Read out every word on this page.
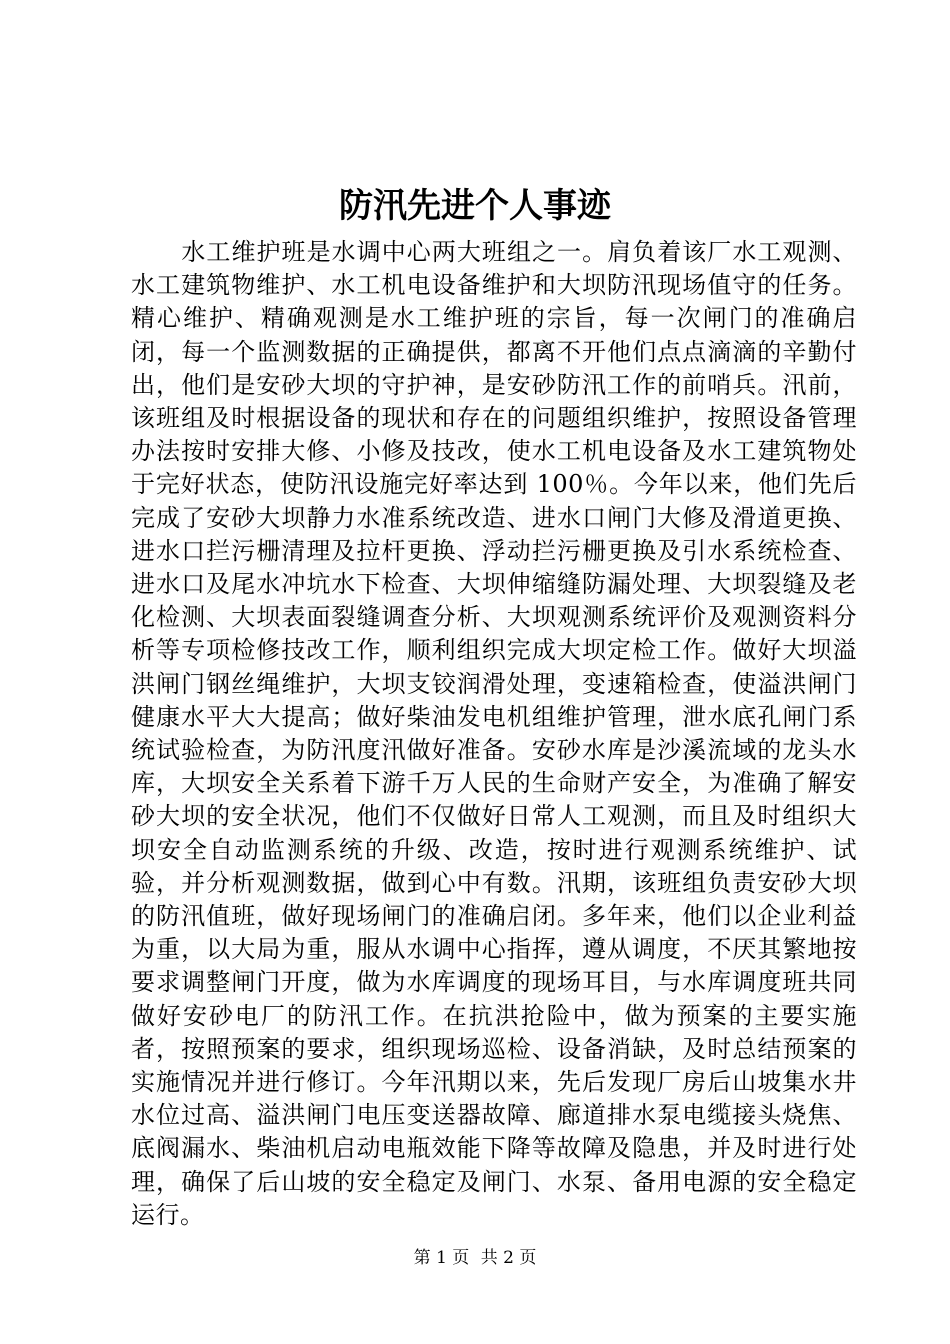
防汛先进个人事迹

水工维护班是水调中心两大班组之一。肩负着该厂水工观测、水工建筑物维护、水工机电设备维护和大坝防汛现场值守的任务。精心维护、精确观测是水工维护班的宗旨，每一次闸门的准确启闭，每一个监测数据的正确提供，都离不开他们点点滴滴的辛勤付出，他们是安砂大坝的守护神，是安砂防汛工作的前哨兵。汛前，该班组及时根据设备的现状和存在的问题组织维护，按照设备管理办法按时安排大修、小修及技改，使水工机电设备及水工建筑物处于完好状态，使防汛设施完好率达到 100％。今年以来，他们先后完成了安砂大坝静力水准系统改造、进水口闸门大修及滑道更换、进水口拦污栅清理及拉杆更换、浮动拦污栅更换及引水系统检查、进水口及尾水冲坑水下检查、大坝伸缩缝防漏处理、大坝裂缝及老化检测、大坝表面裂缝调查分析、大坝观测系统评价及观测资料分析等专项检修技改工作，顺利组织完成大坝定检工作。做好大坝溢洪闸门钢丝绳维护，大坝支铰润滑处理，变速箱检查，使溢洪闸门健康水平大大提高；做好柴油发电机组维护管理，泄水底孔闸门系统试验检查，为防汛度汛做好准备。安砂水库是沙溪流域的龙头水库，大坝安全关系着下游千万人民的生命财产安全，为准确了解安砂大坝的安全状况，他们不仅做好日常人工观测，而且及时组织大坝安全自动监测系统的升级、改造，按时进行观测系统维护、试验，并分析观测数据，做到心中有数。汛期，该班组负责安砂大坝的防汛值班，做好现场闸门的准确启闭。多年来，他们以企业利益为重，以大局为重，服从水调中心指挥，遵从调度，不厌其繁地按要求调整闸门开度，做为水库调度的现场耳目，与水库调度班共同做好安砂电厂的防汛工作。在抗洪抢险中，做为预案的主要实施者，按照预案的要求，组织现场巡检、设备消缺，及时总结预案的实施情况并进行修订。今年汛期以来，先后发现厂房后山坡集水井水位过高、溢洪闸门电压变送器故障、廊道排水泵电缆接头烧焦、底阀漏水、柴油机启动电瓶效能下降等故障及隐患，并及时进行处理，确保了后山坡的安全稳定及闸门、水泵、备用电源的安全稳定运行。

第 1 页 共 2 页
